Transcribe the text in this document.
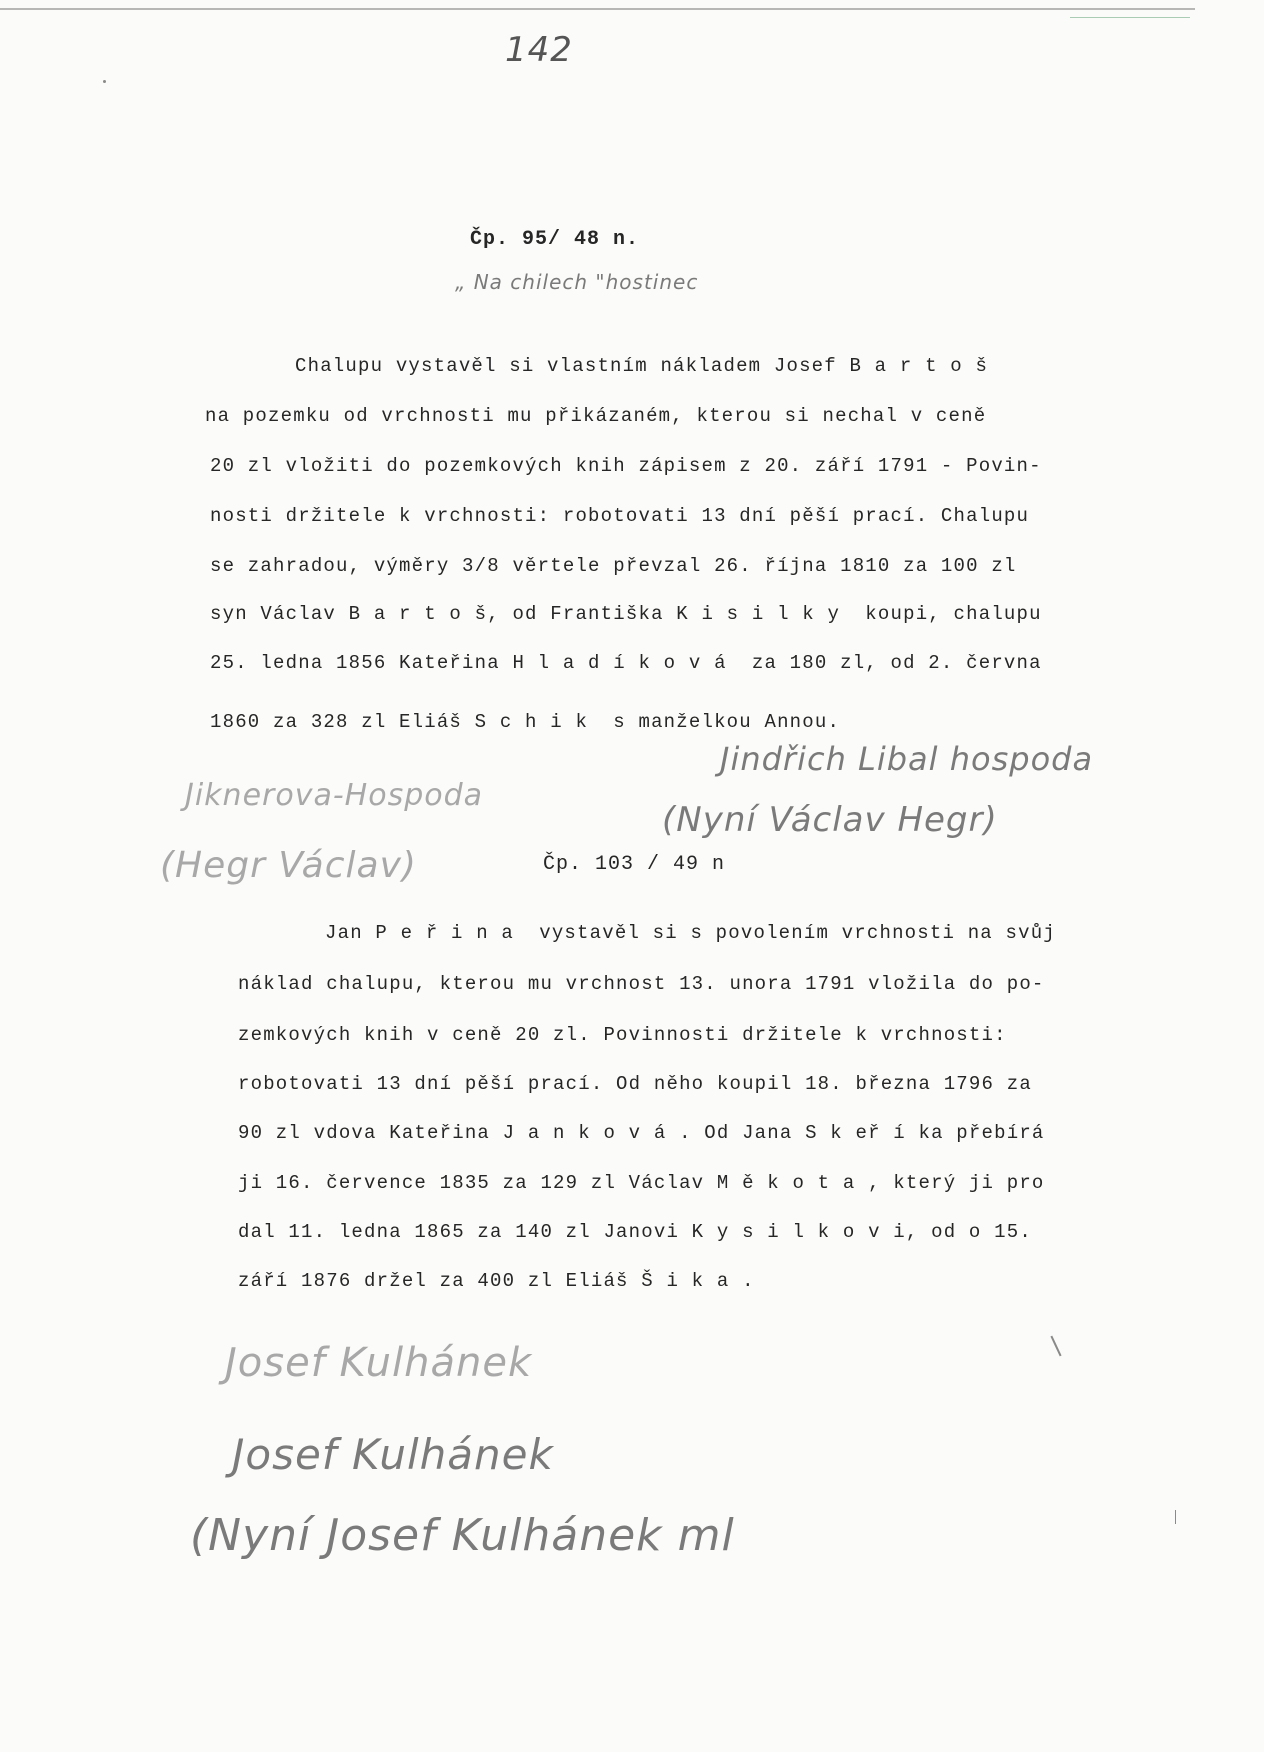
142
Čp. 95/ 48 n.
„ Na chilech "hostinec
Chalupu vystavěl si vlastním nákladem Josef B a r t o š
na pozemku od vrchnosti mu přikázaném, kterou si nechal v ceně
20 zl vložiti do pozemkových knih zápisem z 20. září 1791 - Povin-
nosti držitele k vrchnosti: robotovati 13 dní pěší prací. Chalupu
se zahradou, výměry 3/8 věrtele převzal 26. října 1810 za 100 zl
syn Václav B a r t o š, od Františka K i s i l k y  koupi, chalupu
25. ledna 1856 Kateřina H l a d í k o v á  za 180 zl, od 2. června
1860 za 328 zl Eliáš S c h i k  s manželkou Annou.
Jiknerova-Hospoda
(Hegr Václav)
Jindřich Libal hospoda
(Nyní Václav Hegr)
Čp. 103 / 49 n
Jan P e ř i n a  vystavěl si s povolením vrchnosti na svůj
náklad chalupu, kterou mu vrchnost 13. unora 1791 vložila do po-
zemkových knih v ceně 20 zl. Povinnosti držitele k vrchnosti:
robotovati 13 dní pěší prací. Od něho koupil 18. března 1796 za
90 zl vdova Kateřina J a n k o v á . Od Jana S k eř í ka přebírá
ji 16. července 1835 za 129 zl Václav M ě k o t a , který ji pro
dal 11. ledna 1865 za 140 zl Janovi K y s i l k o v i, od o 15.
září 1876 držel za 400 zl Eliáš Š i k a .
Josef Kulhánek
Josef Kulhánek
(Nyní Josef Kulhánek ml
